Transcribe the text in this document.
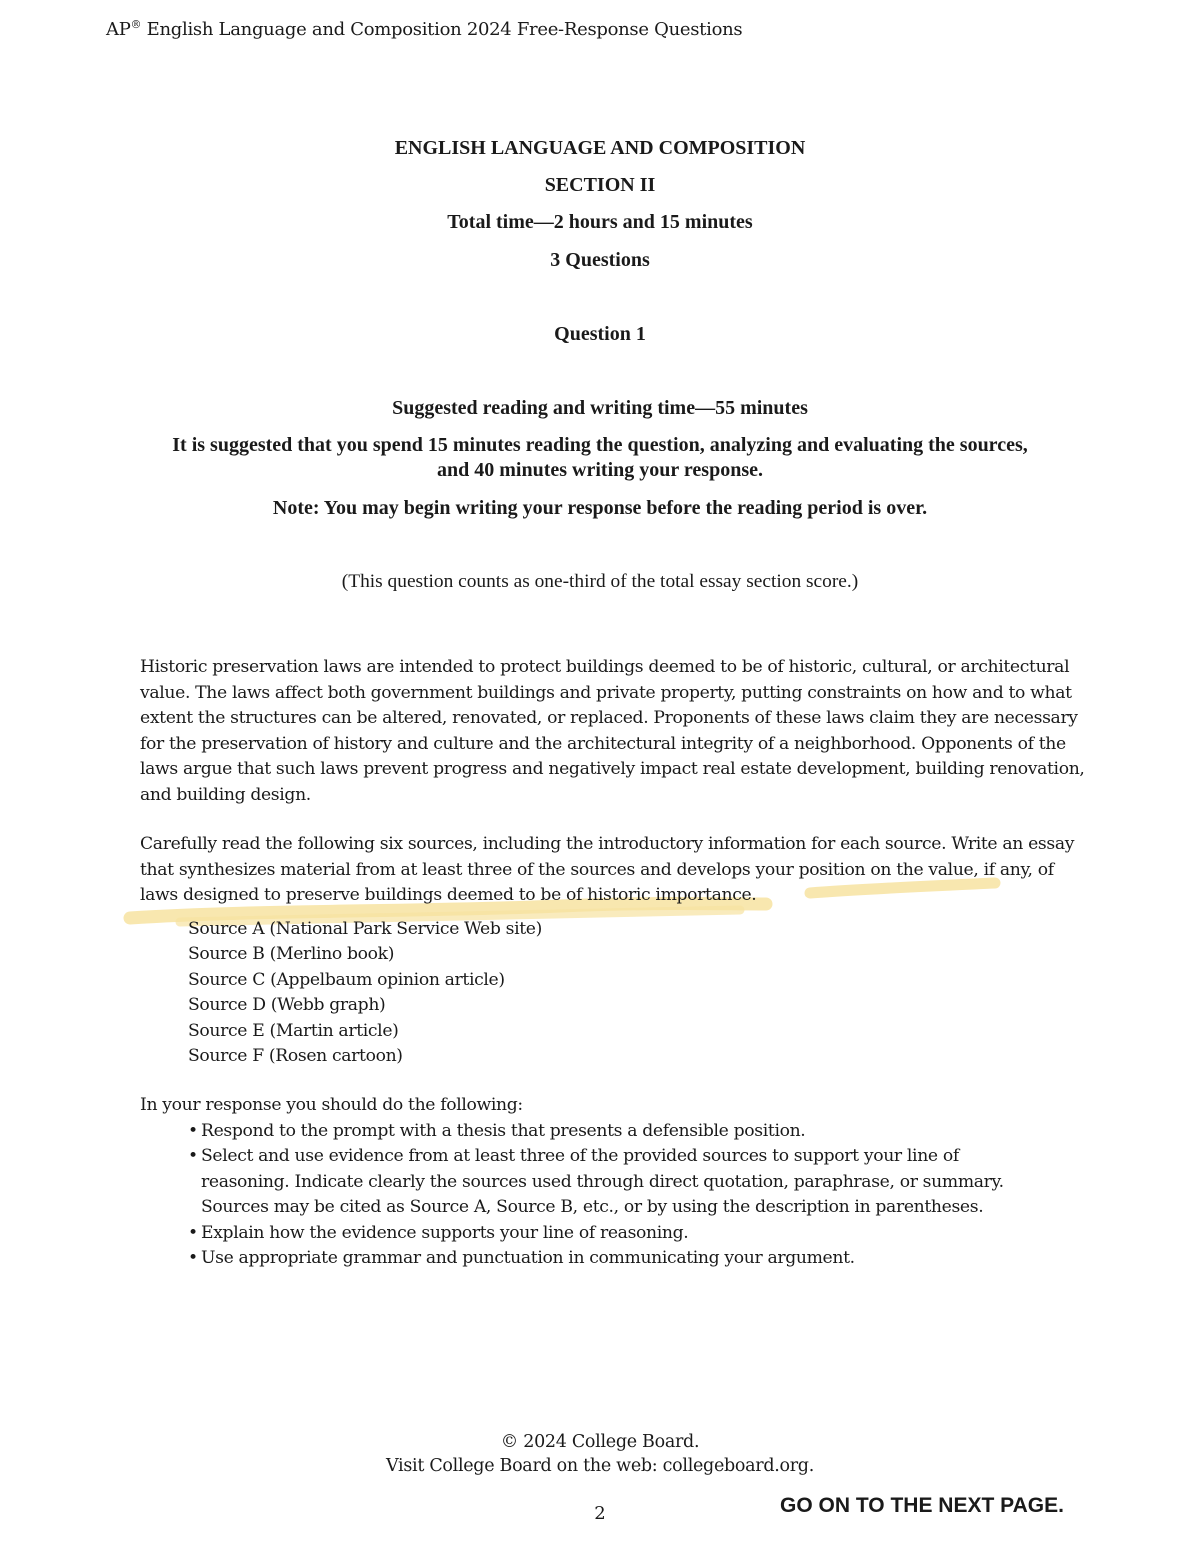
AP® English Language and Composition 2024 Free-Response Questions
ENGLISH LANGUAGE AND COMPOSITION
SECTION II
Total time—2 hours and 15 minutes
3 Questions
Question 1
Suggested reading and writing time—55 minutes
It is suggested that you spend 15 minutes reading the question, analyzing and evaluating the sources,
and 40 minutes writing your response.
Note: You may begin writing your response before the reading period is over.
(This question counts as one-third of the total essay section score.)
Historic preservation laws are intended to protect buildings deemed to be of historic, cultural, or architectural
value. The laws affect both government buildings and private property, putting constraints on how and to what
extent the structures can be altered, renovated, or replaced. Proponents of these laws claim they are necessary
for the preservation of history and culture and the architectural integrity of a neighborhood. Opponents of the
laws argue that such laws prevent progress and negatively impact real estate development, building renovation,
and building design.
Carefully read the following six sources, including the introductory information for each source. Write an essay
that synthesizes material from at least three of the sources and develops your position on the value, if any, of
laws designed to preserve buildings deemed to be of historic importance.
Source A (National Park Service Web site)
Source B (Merlino book)
Source C (Appelbaum opinion article)
Source D (Webb graph)
Source E (Martin article)
Source F (Rosen cartoon)
In your response you should do the following:
• Respond to the prompt with a thesis that presents a defensible position.
• Select and use evidence from at least three of the provided sources to support your line of
reasoning. Indicate clearly the sources used through direct quotation, paraphrase, or summary.
Sources may be cited as Source A, Source B, etc., or by using the description in parentheses.
• Explain how the evidence supports your line of reasoning.
• Use appropriate grammar and punctuation in communicating your argument.
© 2024 College Board.
Visit College Board on the web: collegeboard.org.
2	GO ON TO THE NEXT PAGE.
